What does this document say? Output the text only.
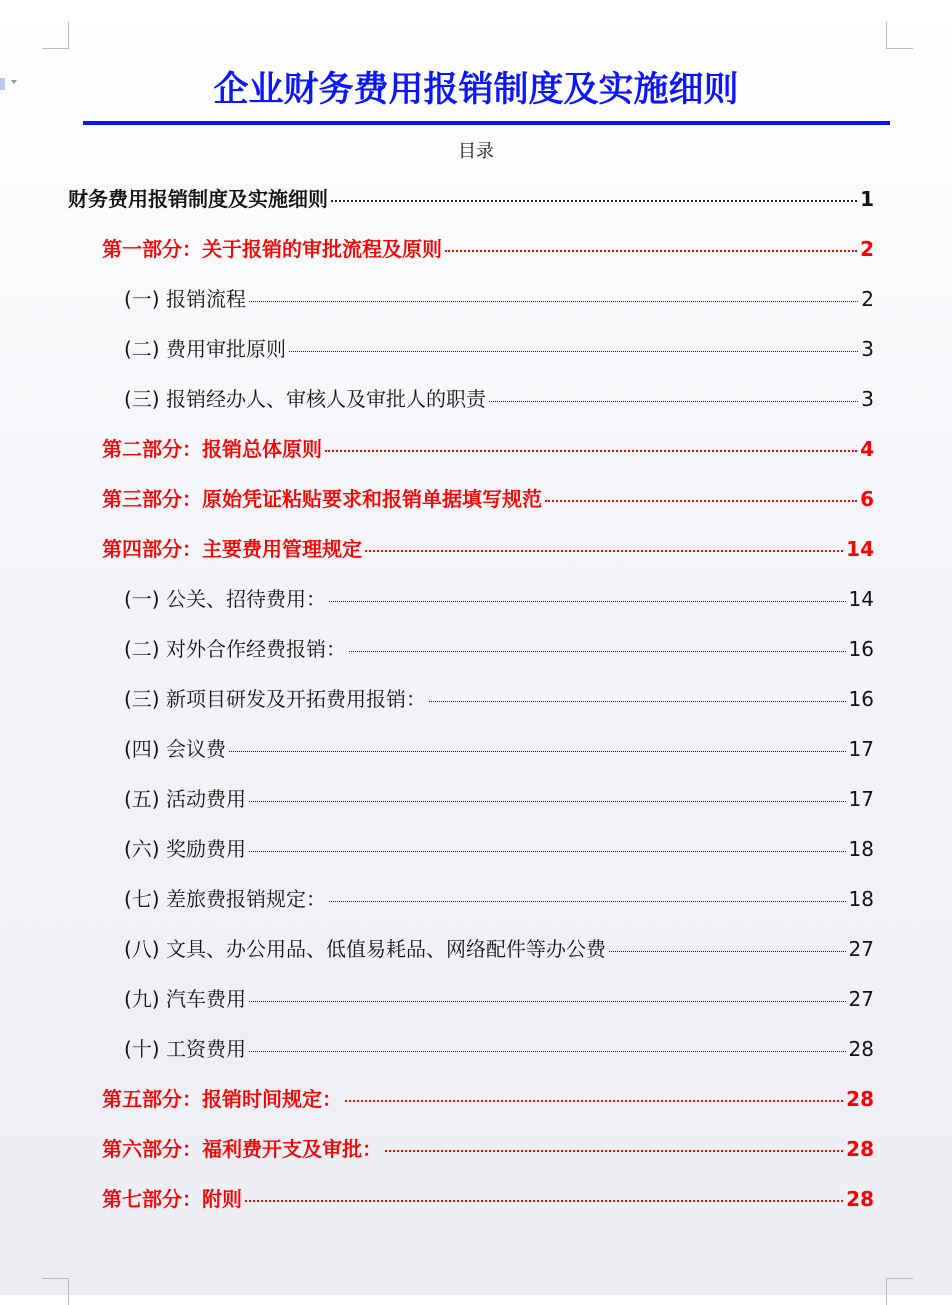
企业财务费用报销制度及实施细则
目录
财务费用报销制度及实施细则	1
第一部分：关于报销的审批流程及原则	2
(一) 报销流程	2
(二) 费用审批原则	3
(三) 报销经办人、审核人及审批人的职责	3
第二部分：报销总体原则	4
第三部分：原始凭证粘贴要求和报销单据填写规范	6
第四部分：主要费用管理规定	14
(一) 公关、招待费用：	14
(二) 对外合作经费报销：	16
(三) 新项目研发及开拓费用报销：	16
(四) 会议费	17
(五) 活动费用	17
(六) 奖励费用	18
(七) 差旅费报销规定：	18
(八) 文具、办公用品、低值易耗品、网络配件等办公费	27
(九) 汽车费用	27
(十) 工资费用	28
第五部分：报销时间规定：	28
第六部分：福利费开支及审批：	28
第七部分：附则	28
